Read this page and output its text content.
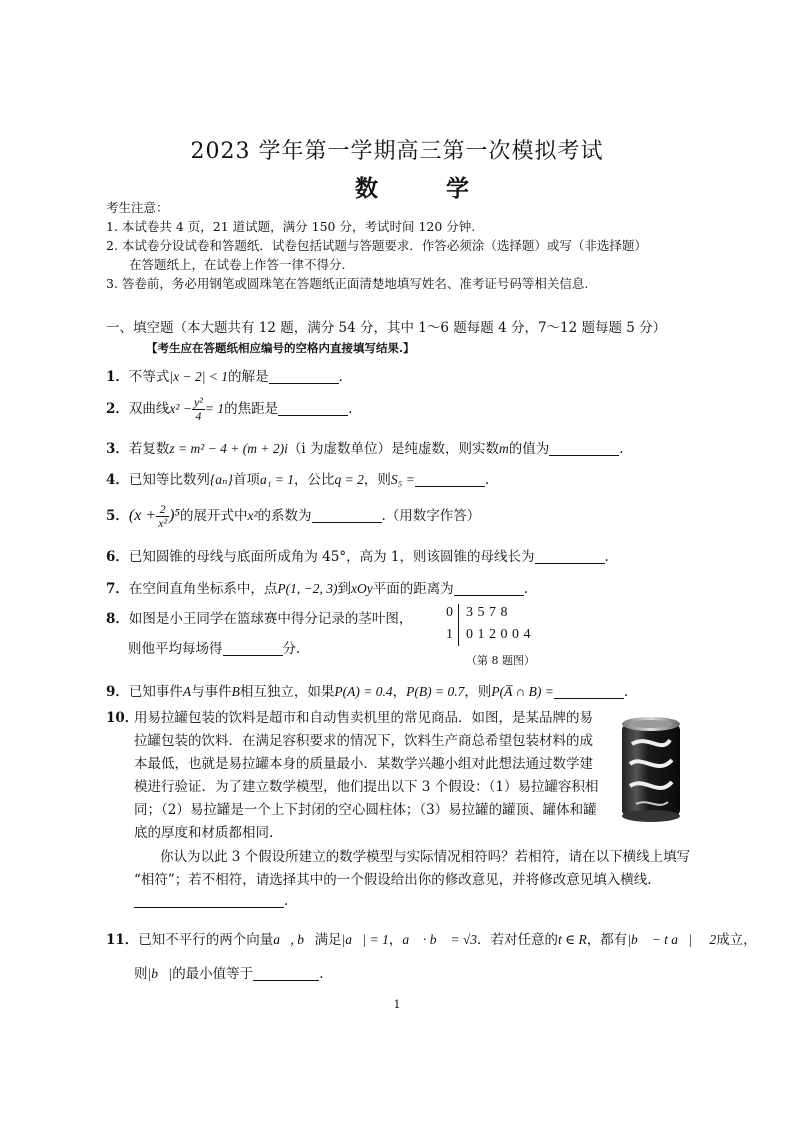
2023 学年第一学期高三第一次模拟考试
数 学
考生注意：
1. 本试卷共 4 页，21 道试题，满分 150 分，考试时间 120 分钟.
2. 本试卷分设试卷和答题纸．试卷包括试题与答题要求．作答必须涂（选择题）或写（非选择题）
在答题纸上，在试卷上作答一律不得分.
3. 答卷前，务必用钢笔或圆珠笔在答题纸正面清楚地填写姓名、准考证号码等相关信息.
一、填空题（本大题共有 12 题，满分 54 分，其中 1～6 题每题 4 分，7～12 题每题 5 分）
【考生应在答题纸相应编号的空格内直接填写结果.】
1．不等式|x − 2| < 1的解是	.
2．双曲线$x^2 - \frac{\text{y²}}{4} = 1$的焦距是	.
3．若复数z = m² − 4 + (m + 2)i（i 为虚数单位）是纯虚数，则实数m的值为	.
4．已知等比数列{aₙ}首项a₁ = 1，公比q = 2，则S₅ =	.
5．$(x + \frac{2}{\text{x²}} )^5$的展开式中x²的系数为	.（用数字作答）
6．已知圆锥的母线与底面所成角为 45°，高为 1，则该圆锥的母线长为	.
7．在空间直角坐标系中，点P(1, −2, 3)到xOy平面的距离为	.
8．如图是小王同学在篮球赛中得分记录的茎叶图，
则他平均每场得	分.
0 3 5 7 8
1 0 1 2 0 0 4
（第 8 题图）
9．已知事件A与事件B相互独立，如果P(A) = 0.4，P(B) = 0.7，则P(A̅ ∩ B) =	.
10．
用易拉罐包装的饮料是超市和自动售卖机里的常见商品．如图，是某品牌的易
拉罐包装的饮料．在满足容积要求的情况下，饮料生产商总希望包装材料的成
本最低，也就是易拉罐本身的质量最小．某数学兴趣小组对此想法通过数学建
模进行验证．为了建立数学模型，他们提出以下 3 个假设：（1）易拉罐容积相
同；（2）易拉罐是一个上下封闭的空心圆柱体；（3）易拉罐的罐顶、罐体和罐
底的厚度和材质都相同.
你认为以此 3 个假设所建立的数学模型与实际情况相符吗？若相符，请在以下横线上填写
“相符”；若不相符，请选择其中的一个假设给出你的修改意见，并将修改意见填入横线.
.
11．已知不平行的两个向量a⃗, b⃗满足|a⃗| = 1，a⃗ · b⃗ = √3．若对任意的t ∈ R，都有|b⃗ − t a⃗| ⩾ 2成立，
则|b⃗|的最小值等于	.
1
